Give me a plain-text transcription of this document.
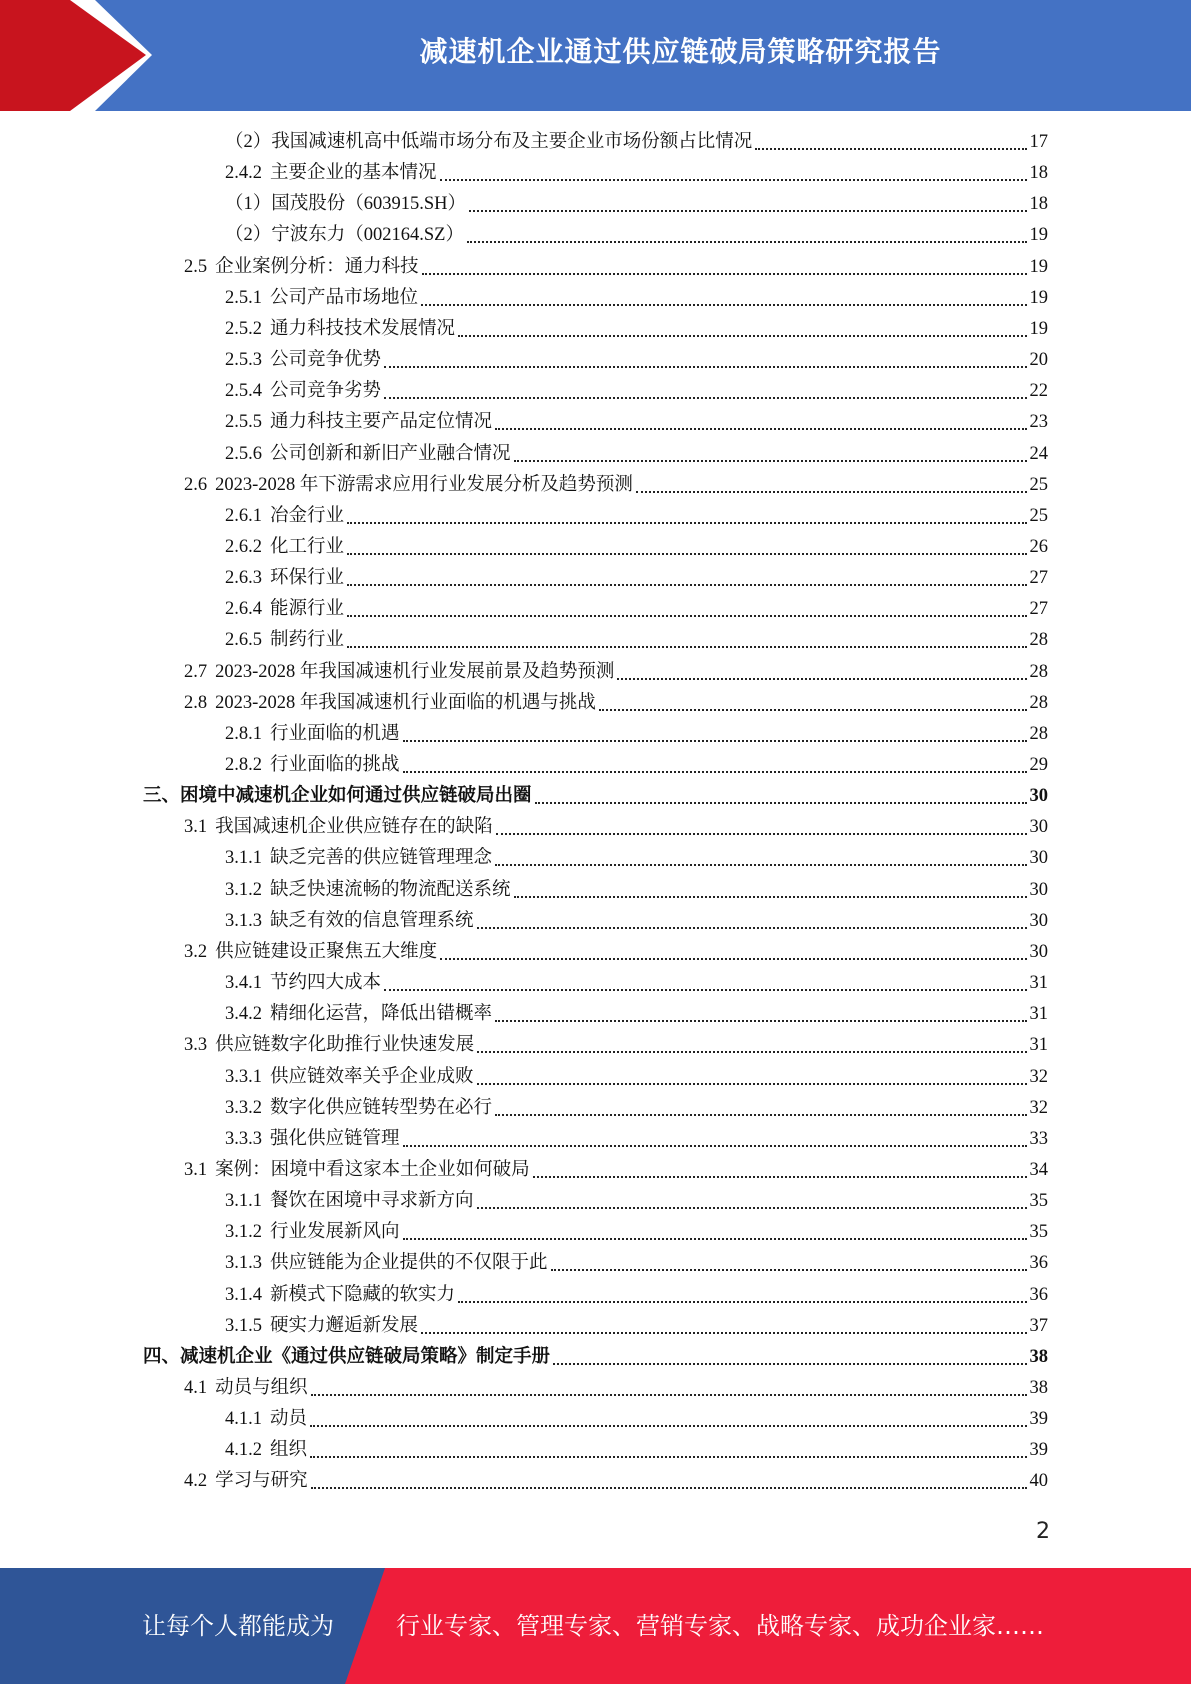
减速机企业通过供应链破局策略研究报告
（2）我国减速机高中低端市场分布及主要企业市场份额占比情况	17
2.4.2 主要企业的基本情况	18
（1）国茂股份（603915.SH）	18
（2）宁波东力（002164.SZ）	19
2.5 企业案例分析：通力科技	19
2.5.1 公司产品市场地位	19
2.5.2 通力科技技术发展情况	19
2.5.3 公司竞争优势	20
2.5.4 公司竞争劣势	22
2.5.5 通力科技主要产品定位情况	23
2.5.6 公司创新和新旧产业融合情况	24
2.6 2023-2028 年下游需求应用行业发展分析及趋势预测	25
2.6.1 冶金行业	25
2.6.2 化工行业	26
2.6.3 环保行业	27
2.6.4 能源行业	27
2.6.5 制药行业	28
2.7 2023-2028 年我国减速机行业发展前景及趋势预测	28
2.8 2023-2028 年我国减速机行业面临的机遇与挑战	28
2.8.1 行业面临的机遇	28
2.8.2 行业面临的挑战	29
三、困境中减速机企业如何通过供应链破局出圈	30
3.1 我国减速机企业供应链存在的缺陷	30
3.1.1 缺乏完善的供应链管理理念	30
3.1.2 缺乏快速流畅的物流配送系统	30
3.1.3 缺乏有效的信息管理系统	30
3.2 供应链建设正聚焦五大维度	30
3.4.1 节约四大成本	31
3.4.2 精细化运营，降低出错概率	31
3.3 供应链数字化助推行业快速发展	31
3.3.1 供应链效率关乎企业成败	32
3.3.2 数字化供应链转型势在必行	32
3.3.3 强化供应链管理	33
3.1 案例：困境中看这家本土企业如何破局	34
3.1.1 餐饮在困境中寻求新方向	35
3.1.2 行业发展新风向	35
3.1.3 供应链能为企业提供的不仅限于此	36
3.1.4 新模式下隐藏的软实力	36
3.1.5 硬实力邂逅新发展	37
四、减速机企业《通过供应链破局策略》制定手册	38
4.1 动员与组织	38
4.1.1 动员	39
4.1.2 组织	39
4.2 学习与研究	40
2
让每个人都能成为	行业专家、管理专家、营销专家、战略专家、成功企业家……
